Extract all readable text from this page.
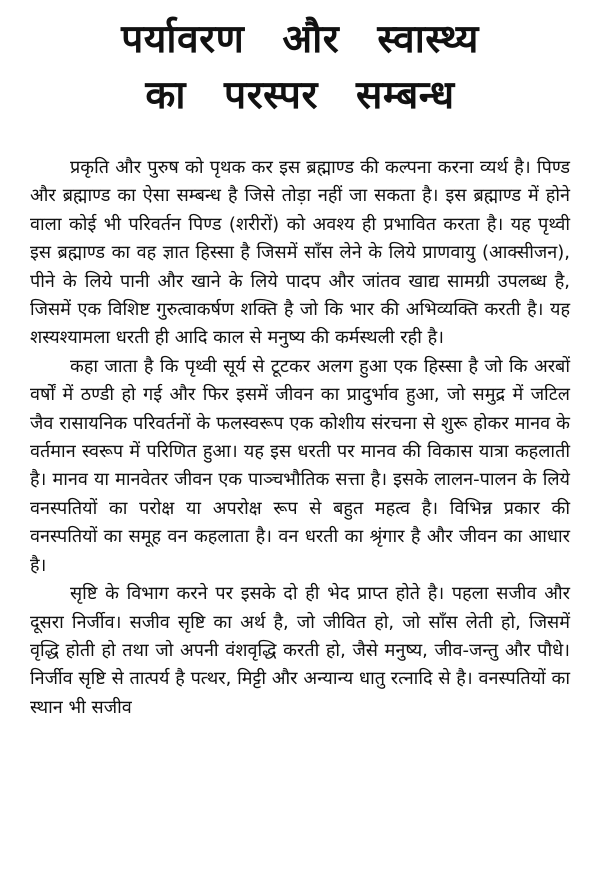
पर्यावरण और स्वास्थ्य
का परस्पर सम्बन्ध

प्रकृति और पुरुष को पृथक कर इस ब्रह्माण्ड की कल्पना करना व्यर्थ है। पिण्ड और ब्रह्माण्ड का ऐसा सम्बन्ध है जिसे तोड़ा नहीं जा सकता है। इस ब्रह्माण्ड में होने वाला कोई भी परिवर्तन पिण्ड (शरीरों) को अवश्य ही प्रभावित करता है। यह पृथ्वी इस ब्रह्माण्ड का वह ज्ञात हिस्सा है जिसमें साँस लेने के लिये प्राणवायु (आक्सीजन), पीने के लिये पानी और खाने के लिये पादप और जांतव खाद्य सामग्री उपलब्ध है, जिसमें एक विशिष्ट गुरुत्वाकर्षण शक्ति है जो कि भार की अभिव्यक्ति करती है। यह शस्यश्यामला धरती ही आदि काल से मनुष्य की कर्मस्थली रही है।

कहा जाता है कि पृथ्वी सूर्य से टूटकर अलग हुआ एक हिस्सा है जो कि अरबों वर्षों में ठण्डी हो गई और फिर इसमें जीवन का प्रादुर्भाव हुआ, जो समुद्र में जटिल जैव रासायनिक परिवर्तनों के फलस्वरूप एक कोशीय संरचना से शुरू होकर मानव के वर्तमान स्वरूप में परिणित हुआ। यह इस धरती पर मानव की विकास यात्रा कहलाती है। मानव या मानवेतर जीवन एक पाञ्चभौतिक सत्ता है। इसके लालन-पालन के लिये वनस्पतियों का परोक्ष या अपरोक्ष रूप से बहुत महत्व है। विभिन्न प्रकार की वनस्पतियों का समूह वन कहलाता है। वन धरती का श्रृंगार है और जीवन का आधार है।

सृष्टि के विभाग करने पर इसके दो ही भेद प्राप्त होते है। पहला सजीव और दूसरा निर्जीव। सजीव सृष्टि का अर्थ है, जो जीवित हो, जो साँस लेती हो, जिसमें वृद्धि होती हो तथा जो अपनी वंशवृद्धि करती हो, जैसे मनुष्य, जीव-जन्तु और पौधे। निर्जीव सृष्टि से तात्पर्य है पत्थर, मिट्टी और अन्यान्य धातु रत्नादि से है। वनस्पतियों का स्थान भी सजीव
